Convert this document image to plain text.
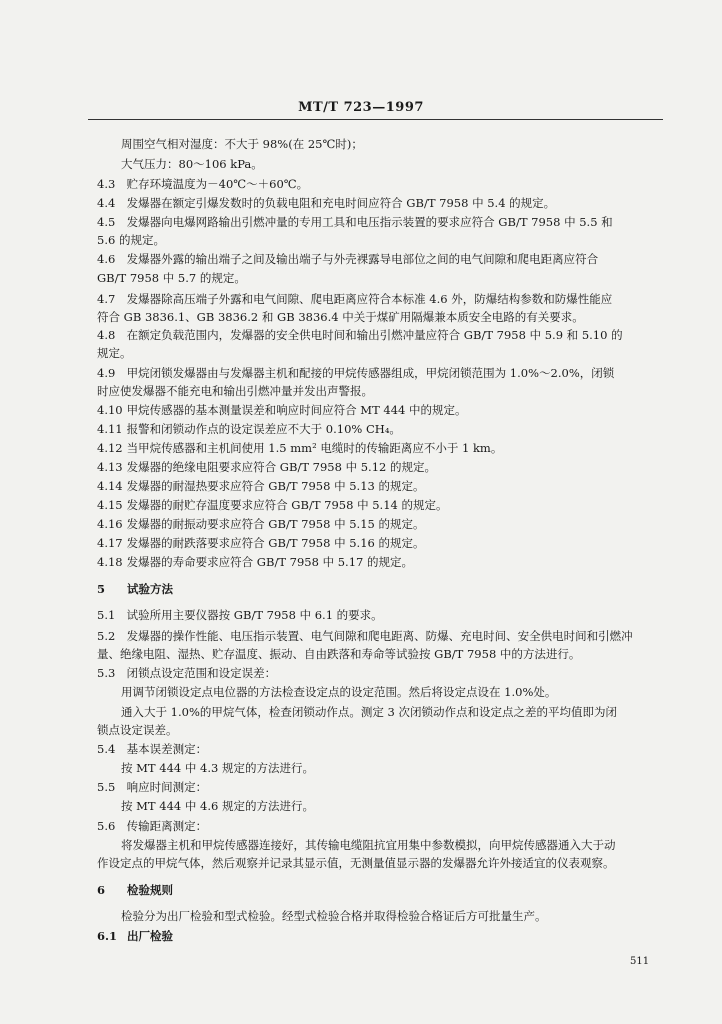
MT/T 723—1997
周围空气相对湿度：不大于 98%(在 25℃时)；
大气压力：80～106 kPa。
4.3 贮存环境温度为－40℃～＋60℃。
4.4 发爆器在额定引爆发数时的负载电阻和充电时间应符合 GB/T 7958 中 5.4 的规定。
4.5 发爆器向电爆网路输出引燃冲量的专用工具和电压指示装置的要求应符合 GB/T 7958 中 5.5 和
5.6 的规定。
4.6 发爆器外露的输出端子之间及输出端子与外壳裸露导电部位之间的电气间隙和爬电距离应符合
GB/T 7958 中 5.7 的规定。
4.7 发爆器除高压端子外露和电气间隙、爬电距离应符合本标准 4.6 外，防爆结构参数和防爆性能应
符合 GB 3836.1、GB 3836.2 和 GB 3836.4 中关于煤矿用隔爆兼本质安全电路的有关要求。
4.8 在额定负载范围内，发爆器的安全供电时间和输出引燃冲量应符合 GB/T 7958 中 5.9 和 5.10 的
规定。
4.9 甲烷闭锁发爆器由与发爆器主机和配接的甲烷传感器组成，甲烷闭锁范围为 1.0%～2.0%，闭锁
时应使发爆器不能充电和输出引燃冲量并发出声警报。
4.10 甲烷传感器的基本测量误差和响应时间应符合 MT 444 中的规定。
4.11 报警和闭锁动作点的设定误差应不大于 0.10% CH₄。
4.12 当甲烷传感器和主机间使用 1.5 mm² 电缆时的传输距离应不小于 1 km。
4.13 发爆器的绝缘电阻要求应符合 GB/T 7958 中 5.12 的规定。
4.14 发爆器的耐湿热要求应符合 GB/T 7958 中 5.13 的规定。
4.15 发爆器的耐贮存温度要求应符合 GB/T 7958 中 5.14 的规定。
4.16 发爆器的耐振动要求应符合 GB/T 7958 中 5.15 的规定。
4.17 发爆器的耐跌落要求应符合 GB/T 7958 中 5.16 的规定。
4.18 发爆器的寿命要求应符合 GB/T 7958 中 5.17 的规定。
5 试验方法
5.1 试验所用主要仪器按 GB/T 7958 中 6.1 的要求。
5.2 发爆器的操作性能、电压指示装置、电气间隙和爬电距离、防爆、充电时间、安全供电时间和引燃冲
量、绝缘电阻、湿热、贮存温度、振动、自由跌落和寿命等试验按 GB/T 7958 中的方法进行。
5.3 闭锁点设定范围和设定误差：
用调节闭锁设定点电位器的方法检查设定点的设定范围。然后将设定点设在 1.0%处。
通入大于 1.0%的甲烷气体，检查闭锁动作点。测定 3 次闭锁动作点和设定点之差的平均值即为闭
锁点设定误差。
5.4 基本误差测定：
按 MT 444 中 4.3 规定的方法进行。
5.5 响应时间测定：
按 MT 444 中 4.6 规定的方法进行。
5.6 传输距离测定：
将发爆器主机和甲烷传感器连接好，其传输电缆阻抗宜用集中参数模拟，向甲烷传感器通入大于动
作设定点的甲烷气体，然后观察并记录其显示值，无测量值显示器的发爆器允许外接适宜的仪表观察。
6 检验规则
检验分为出厂检验和型式检验。经型式检验合格并取得检验合格证后方可批量生产。
6.1 出厂检验
511
